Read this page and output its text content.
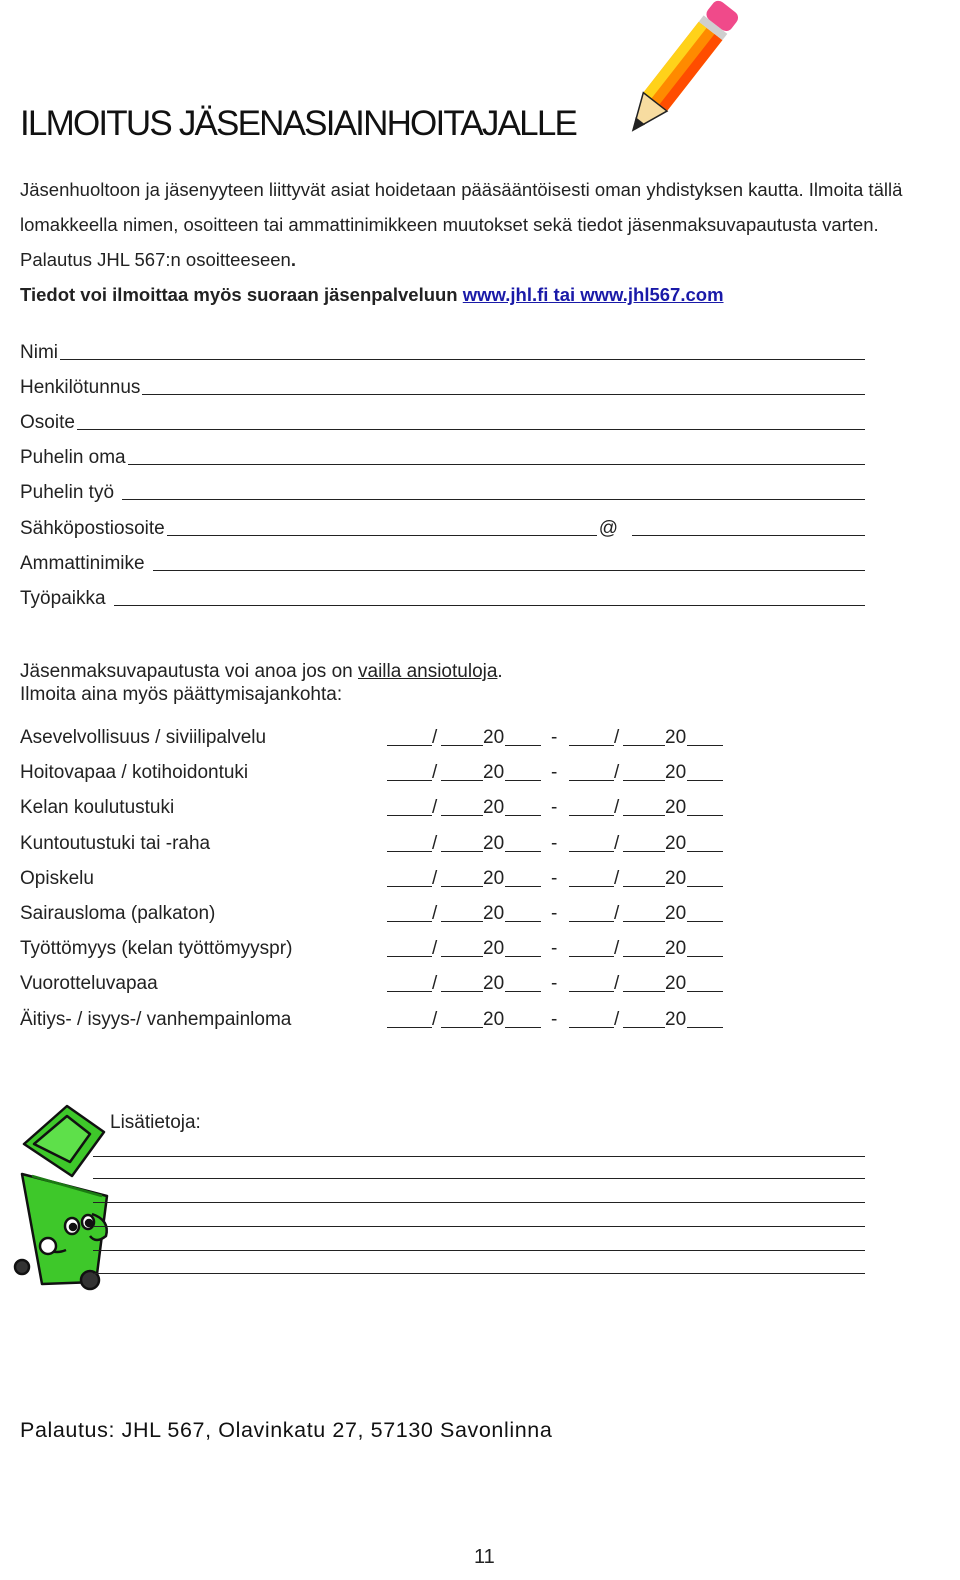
ILMOITUS JÄSENASIAINHOITAJALLE

Jäsenhuoltoon ja jäsenyyteen liittyvät asiat hoidetaan pääsääntöisesti oman yhdistyksen kautta. Ilmoita tällä lomakkeella nimen, osoitteen tai ammattinimikkeen muutokset sekä tiedot jäsenmaksuvapautusta varten. Palautus JHL 567:n osoitteeseen.

Tiedot voi ilmoittaa myös suoraan jäsenpalveluun www.jhl.fi tai www.jhl567.com

Nimi
Henkilötunnus
Osoite
Puhelin oma
Puhelin työ
Sähköpostiosoite	@
Ammattinimike
Työpaikka
Jäsenmaksuvapautusta voi anoa jos on vailla ansiotuloja.
Ilmoita aina myös päättymisajankohta:
Asevelvollisuus / siviilipalvelu	/ 20 -	/ 20
Hoitovapaa / kotihoidontuki	/ 20 -	/ 20
Kelan koulutustuki	/ 20 -	/ 20
Kuntoutustuki tai -raha	/ 20 -	/ 20
Opiskelu	/ 20 -	/ 20
Sairausloma (palkaton)	/ 20 -	/ 20
Työttömyys (kelan työttömyyspr)	/ 20 -	/ 20
Vuorotteluvapaa	/ 20 -	/ 20
Äitiys- / isyys-/ vanhempainloma	/ 20 -	/ 20
Lisätietoja:
Palautus: JHL 567, Olavinkatu 27, 57130 Savonlinna
11
